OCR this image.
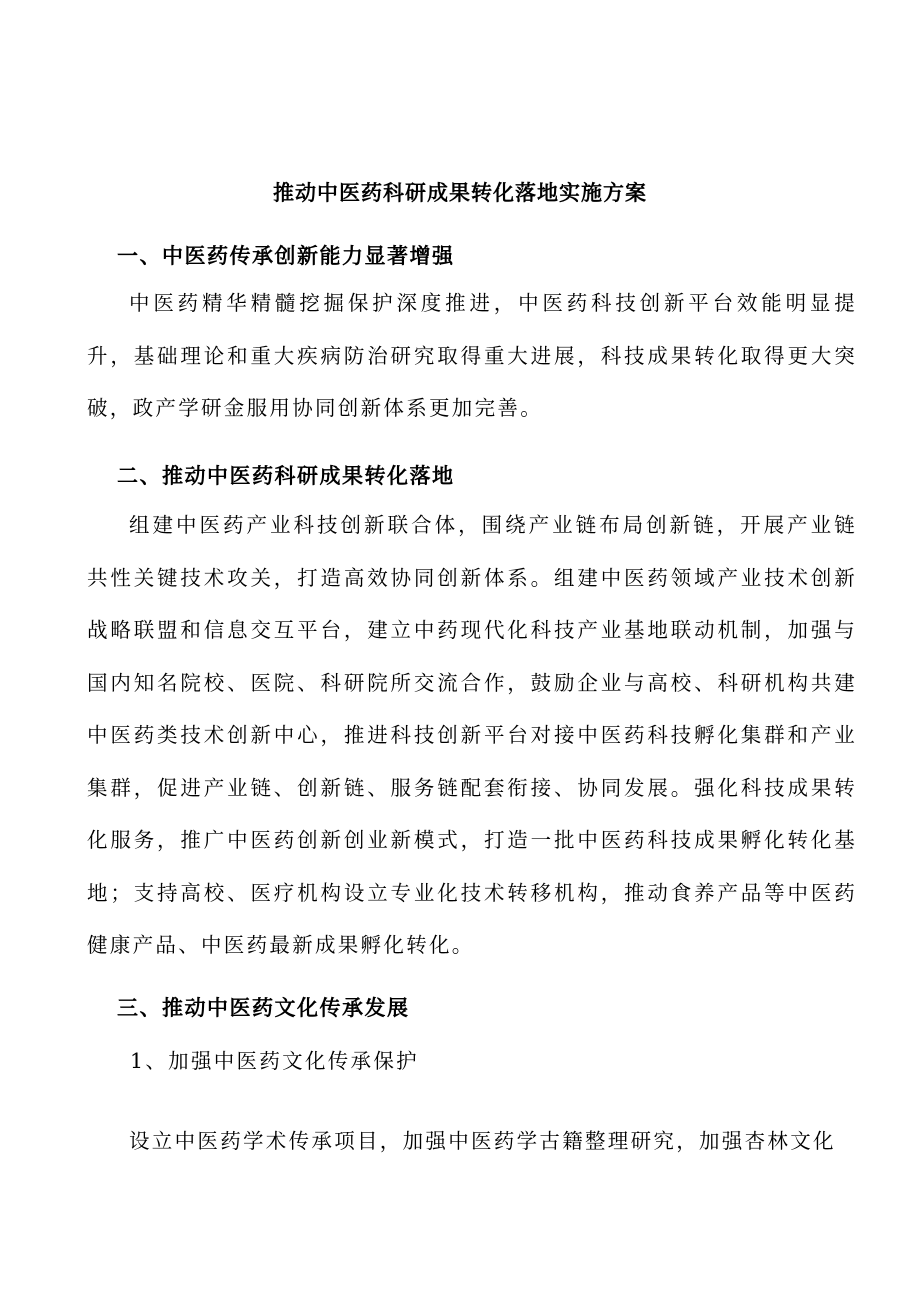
推动中医药科研成果转化落地实施方案
一、中医药传承创新能力显著增强

中医药精华精髓挖掘保护深度推进，中医药科技创新平台效能明显提升，基础理论和重大疾病防治研究取得重大进展，科技成果转化取得更大突破，政产学研金服用协同创新体系更加完善。

二、推动中医药科研成果转化落地

组建中医药产业科技创新联合体，围绕产业链布局创新链，开展产业链共性关键技术攻关，打造高效协同创新体系。组建中医药领域产业技术创新战略联盟和信息交互平台，建立中药现代化科技产业基地联动机制，加强与国内知名院校、医院、科研院所交流合作，鼓励企业与高校、科研机构共建中医药类技术创新中心，推进科技创新平台对接中医药科技孵化集群和产业集群，促进产业链、创新链、服务链配套衔接、协同发展。强化科技成果转化服务，推广中医药创新创业新模式，打造一批中医药科技成果孵化转化基地；支持高校、医疗机构设立专业化技术转移机构，推动食养产品等中医药健康产品、中医药最新成果孵化转化。

三、推动中医药文化传承发展
1、加强中医药文化传承保护

设立中医药学术传承项目，加强中医药学古籍整理研究，加强杏林文化
